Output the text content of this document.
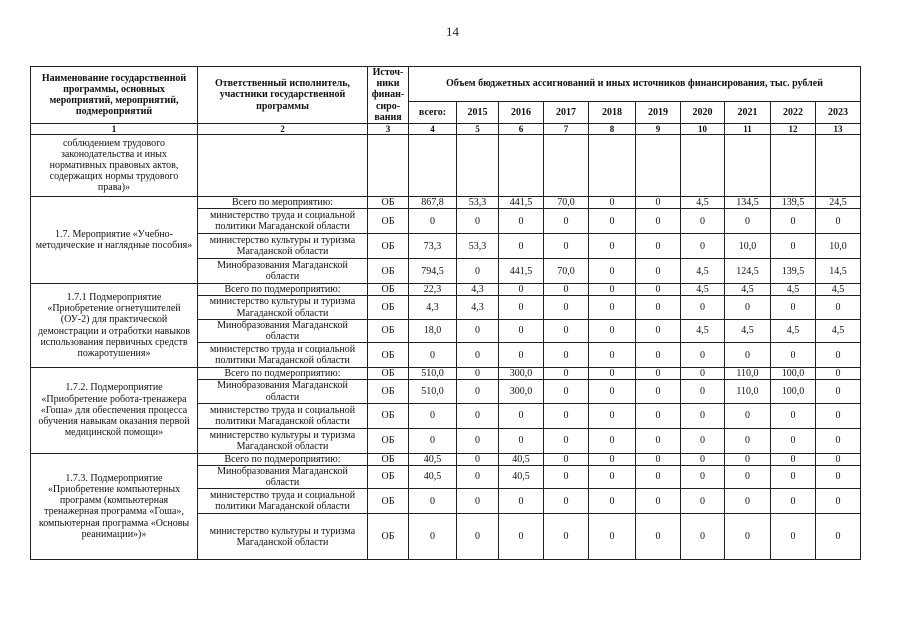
14
Наименование государственной программы, основных мероприятий, мероприятий, подмероприятий	Ответственный исполнитель, участники государственной программы	Источ-ники финан-сиро-вания	Объем бюджетных ассигнований и иных источников финансирования, тыс. рублей									
			всего:	2015	2016	2017	2018	2019	2020	2021	2022	2023
1	2	3	4	5	6	7	8	9	10	11	12	13
соблюдением трудового законодательства и иных нормативных правовых актов, содержащих нормы трудового права)»												
1.7. Мероприятие «Учебно-методические и наглядные пособия»	Всего по мероприятию:	ОБ	867,8	53,3	441,5	70,0	0	0	4,5	134,5	139,5	24,5
	министерство труда и социальной политики Магаданской области	ОБ	0	0	0	0	0	0	0	0	0	0
	министерство культуры и туризма Магаданской области	ОБ	73,3	53,3	0	0	0	0	0	10,0	0	10,0
	Минобразования Магаданской области	ОБ	794,5	0	441,5	70,0	0	0	4,5	124,5	139,5	14,5
1.7.1 Подмероприятие «Приобретение огнетушителей (ОУ-2) для практической демонстрации и отработки навыков использования первичных средств пожаротушения»	Всего по подмероприятию:	ОБ	22,3	4,3	0	0	0	0	4,5	4,5	4,5	4,5
	министерство культуры и туризма Магаданской области	ОБ	4,3	4,3	0	0	0	0	0	0	0	0
	Минобразования Магаданской области	ОБ	18,0	0	0	0	0	0	4,5	4,5	4,5	4,5
	министерство труда и социальной политики Магаданской области	ОБ	0	0	0	0	0	0	0	0	0	0
1.7.2. Подмероприятие «Приобретение робота-тренажера «Гоша» для обеспечения процесса обучения навыкам оказания первой медицинской помощи»	Всего по подмероприятию:	ОБ	510,0	0	300,0	0	0	0	0	110,0	100,0	0
	Минобразования Магаданской области	ОБ	510,0	0	300,0	0	0	0	0	110,0	100,0	0
	министерство труда и социальной политики Магаданской области	ОБ	0	0	0	0	0	0	0	0	0	0
	министерство культуры и туризма Магаданской области	ОБ	0	0	0	0	0	0	0	0	0	0
1.7.3. Подмероприятие «Приобретение компьютерных программ (компьютерная тренажерная программа «Гоша», компьютерная программа «Основы реанимации»)»	Всего по подмероприятию:	ОБ	40,5	0	40,5	0	0	0	0	0	0	0
	Минобразования Магаданской области	ОБ	40,5	0	40,5	0	0	0	0	0	0	0
	министерство труда и социальной политики Магаданской области	ОБ	0	0	0	0	0	0	0	0	0	0
	министерство культуры и туризма Магаданской области	ОБ	0	0	0	0	0	0	0	0	0	0
